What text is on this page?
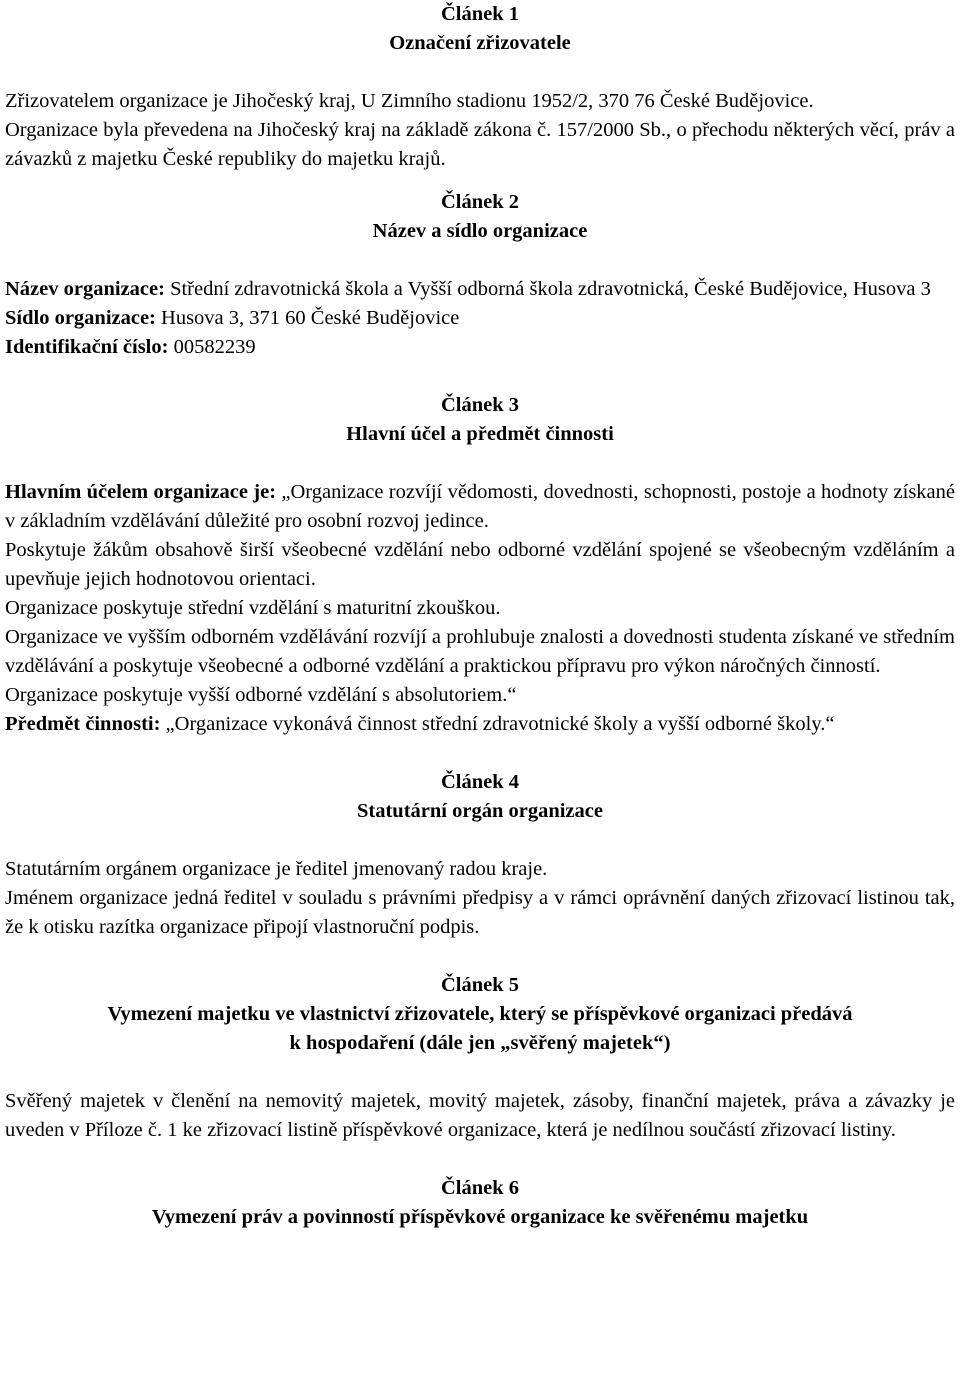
Článek 1
Označení zřizovatele

Zřizovatelem organizace je Jihočeský kraj, U Zimního stadionu 1952/2, 370 76 České Budějovice.

Organizace byla převedena na Jihočeský kraj na základě zákona č. 157/2000 Sb., o přechodu některých věcí, práv a závazků z majetku České republiky do majetku krajů.

Článek 2
Název a sídlo organizace

Název organizace: Střední zdravotnická škola a Vyšší odborná škola zdravotnická, České Budějovice, Husova 3

Sídlo organizace: Husova 3, 371 60 České Budějovice

Identifikační číslo: 00582239

Článek 3
Hlavní účel a předmět činnosti

Hlavním účelem organizace je: „Organizace rozvíjí vědomosti, dovednosti, schopnosti, postoje a hodnoty získané v základním vzdělávání důležité pro osobní rozvoj jedince.

Poskytuje žákům obsahově širší všeobecné vzdělání nebo odborné vzdělání spojené se všeobecným vzděláním a upevňuje jejich hodnotovou orientaci.

Organizace poskytuje střední vzdělání s maturitní zkouškou.

Organizace ve vyšším odborném vzdělávání rozvíjí a prohlubuje znalosti a dovednosti studenta získané ve středním vzdělávání a poskytuje všeobecné a odborné vzdělání a praktickou přípravu pro výkon náročných činností.

Organizace poskytuje vyšší odborné vzdělání s absolutoriem.“

Předmět činnosti: „Organizace vykonává činnost střední zdravotnické školy a vyšší odborné školy.“

Článek 4
Statutární orgán organizace

Statutárním orgánem organizace je ředitel jmenovaný radou kraje.

Jménem organizace jedná ředitel v souladu s právními předpisy a v rámci oprávnění daných zřizovací listinou tak, že k otisku razítka organizace připojí vlastnoruční podpis.

Článek 5
Vymezení majetku ve vlastnictví zřizovatele, který se příspěvkové organizaci předává
k hospodaření (dále jen „svěřený majetek“)

Svěřený majetek v členění na nemovitý majetek, movitý majetek, zásoby, finanční majetek, práva a závazky je uveden v Příloze č. 1 ke zřizovací listině příspěvkové organizace, která je nedílnou součástí zřizovací listiny.

Článek 6
Vymezení práv a povinností příspěvkové organizace ke svěřenému majetku
